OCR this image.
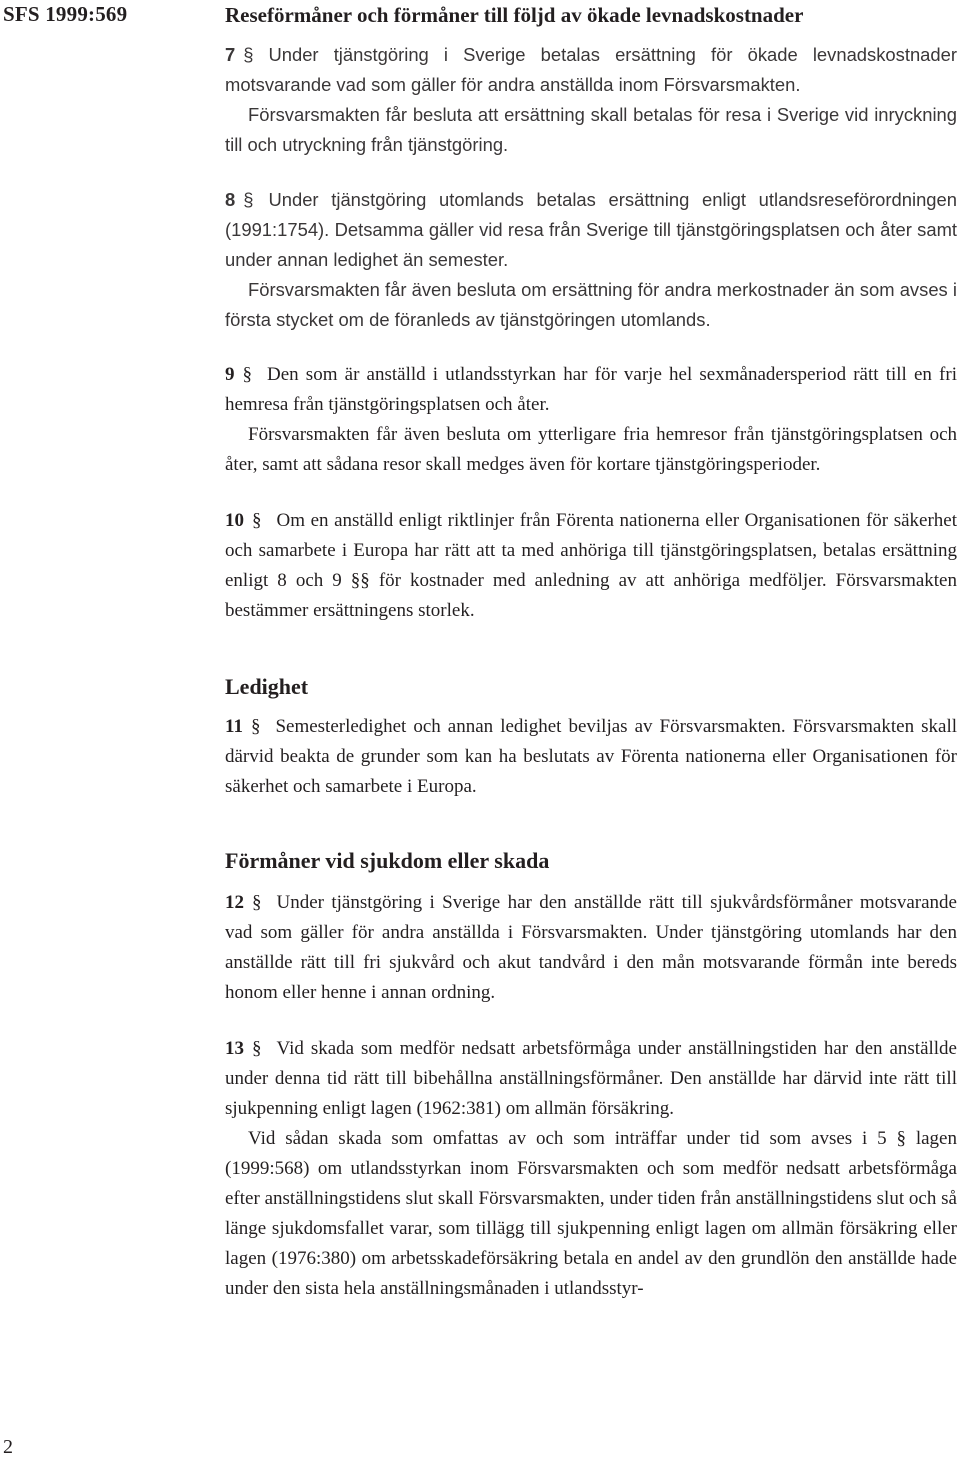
SFS 1999:569
2
Reseförmåner och förmåner till följd av ökade levnadskostnader

7 § Under tjänstgöring i Sverige betalas ersättning för ökade levnadskostnader motsvarande vad som gäller för andra anställda inom Försvarsmakten.

Försvarsmakten får besluta att ersättning skall betalas för resa i Sverige vid inryckning till och utryckning från tjänstgöring.

8 § Under tjänstgöring utomlands betalas ersättning enligt utlandsreseförordningen (1991:1754). Detsamma gäller vid resa från Sverige till tjänstgöringsplatsen och åter samt under annan ledighet än semester.

Försvarsmakten får även besluta om ersättning för andra merkostnader än som avses i första stycket om de föranleds av tjänstgöringen utomlands.

9 § Den som är anställd i utlandsstyrkan har för varje hel sexmånadersperiod rätt till en fri hemresa från tjänstgöringsplatsen och åter.

Försvarsmakten får även besluta om ytterligare fria hemresor från tjänstgöringsplatsen och åter, samt att sådana resor skall medges även för kortare tjänstgöringsperioder.

10 § Om en anställd enligt riktlinjer från Förenta nationerna eller Organisationen för säkerhet och samarbete i Europa har rätt att ta med anhöriga till tjänstgöringsplatsen, betalas ersättning enligt 8 och 9 §§ för kostnader med anledning av att anhöriga medföljer. Försvarsmakten bestämmer ersättningens storlek.

Ledighet

11 § Semesterledighet och annan ledighet beviljas av Försvarsmakten. Försvarsmakten skall därvid beakta de grunder som kan ha beslutats av Förenta nationerna eller Organisationen för säkerhet och samarbete i Europa.

Förmåner vid sjukdom eller skada

12 § Under tjänstgöring i Sverige har den anställde rätt till sjukvårdsförmåner motsvarande vad som gäller för andra anställda i Försvarsmakten. Under tjänstgöring utomlands har den anställde rätt till fri sjukvård och akut tandvård i den mån motsvarande förmån inte bereds honom eller henne i annan ordning.

13 § Vid skada som medför nedsatt arbetsförmåga under anställningstiden har den anställde under denna tid rätt till bibehållna anställningsförmåner. Den anställde har därvid inte rätt till sjukpenning enligt lagen (1962:381) om allmän försäkring.

Vid sådan skada som omfattas av och som inträffar under tid som avses i 5 § lagen (1999:568) om utlandsstyrkan inom Försvarsmakten och som medför nedsatt arbetsförmåga efter anställningstidens slut skall Försvarsmakten, under tiden från anställningstidens slut och så länge sjukdomsfallet varar, som tillägg till sjukpenning enligt lagen om allmän försäkring eller lagen (1976:380) om arbetsskadeförsäkring betala en andel av den grundlön den anställde hade under den sista hela anställningsmånaden i utlandsstyr-
